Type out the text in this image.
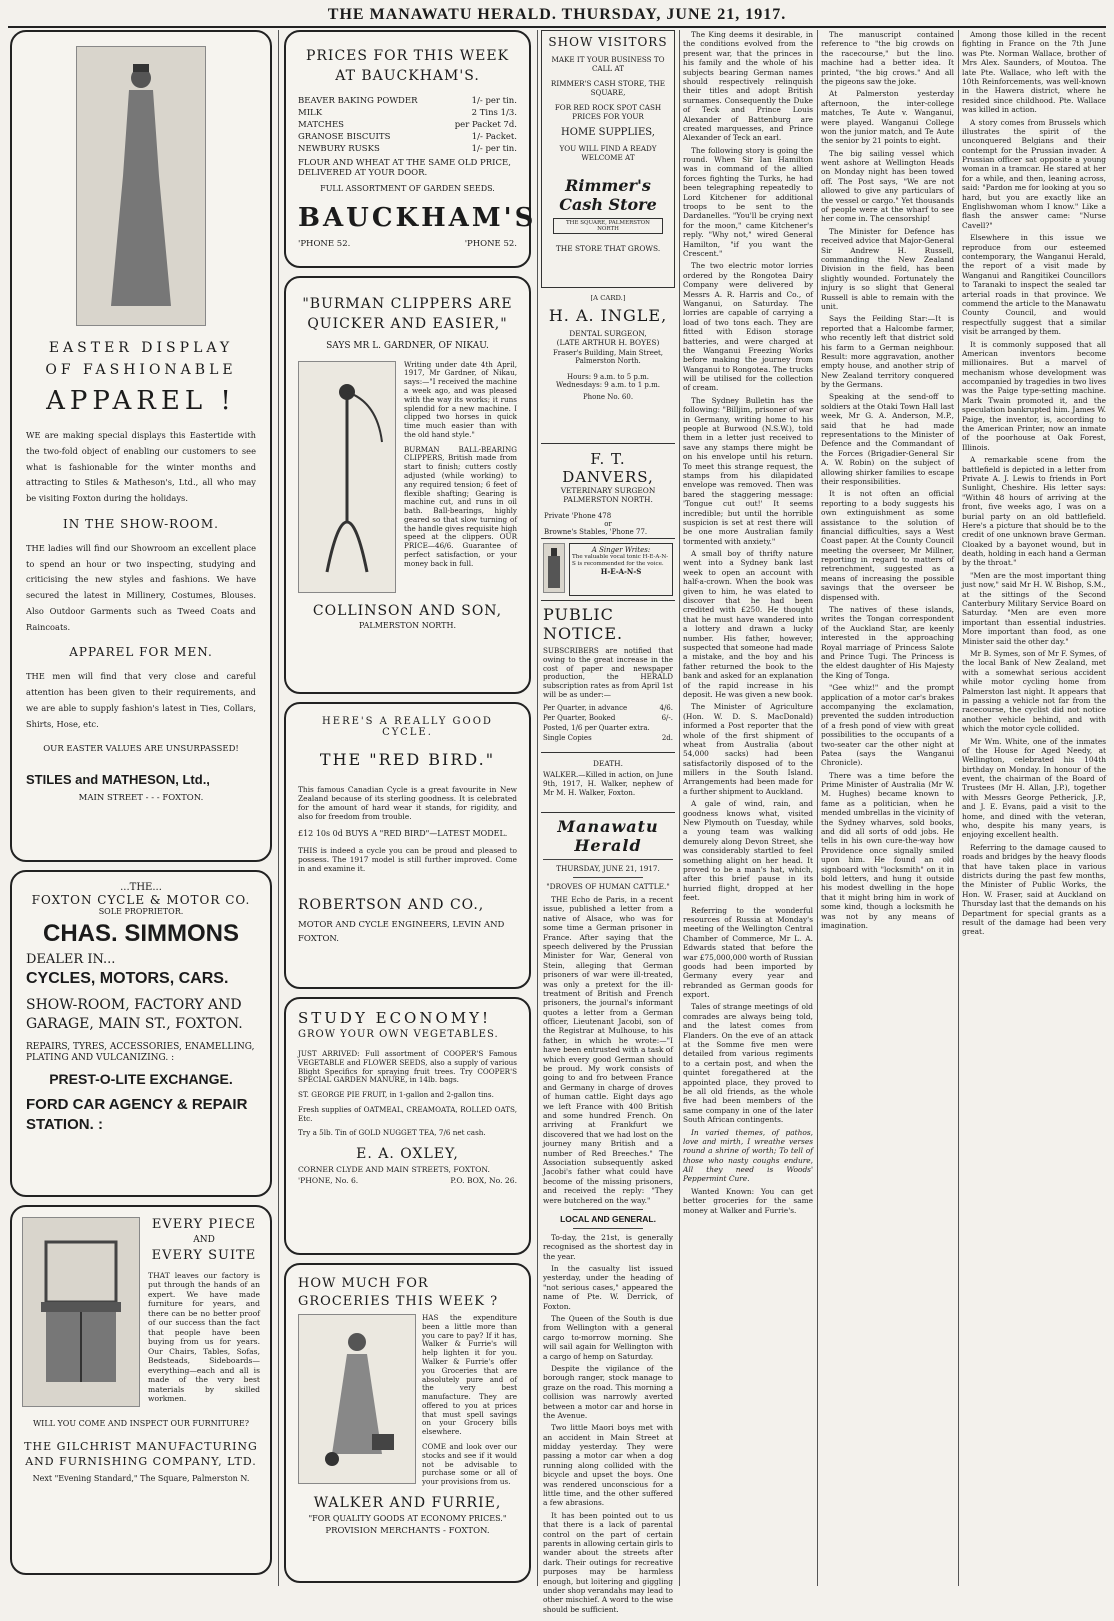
THE MANAWATU HERALD. THURSDAY, JUNE 21, 1917.
EASTER DISPLAY
OF FASHIONABLE
APPAREL !
WE are making special displays this Eastertide with the two-fold object of enabling our customers to see what is fashionable for the winter months and attracting to Stiles & Matheson's, Ltd., all who may be visiting Foxton during the holidays.
IN THE SHOW-ROOM.
THE ladies will find our Showroom an excellent place to spend an hour or two inspecting, studying and criticising the new styles and fashions. We have secured the latest in Millinery, Costumes, Blouses. Also Outdoor Garments such as Tweed Coats and Raincoats.
APPAREL FOR MEN.
THE men will find that very close and careful attention has been given to their requirements, and we are able to supply fashion's latest in Ties, Collars, Shirts, Hose, etc.
OUR EASTER VALUES ARE UNSURPASSED!
STILES and MATHESON, Ltd.,
MAIN STREET - - - FOXTON.
...THE...
FOXTON CYCLE & MOTOR CO.
SOLE PROPRIETOR.
CHAS. SIMMONS
DEALER IN...
CYCLES, MOTORS, CARS.
SHOW-ROOM, FACTORY AND GARAGE, MAIN ST., FOXTON.
REPAIRS, TYRES, ACCESSORIES, ENAMELLING, PLATING AND VULCANIZING. :
PREST-O-LITE EXCHANGE.
FORD CAR AGENCY & REPAIR STATION. :
EVERY PIECE
AND
EVERY SUITE
THAT leaves our factory is put through the hands of an expert. We have made furniture for years, and there can be no better proof of our success than the fact that people have been buying from us for years. Our Chairs, Tables, Sofas, Bedsteads, Sideboards—everything—each and all is made of the very best materials by skilled workmen.
WILL YOU COME AND INSPECT OUR FURNITURE?
THE GILCHRIST MANUFACTURING AND FURNISHING COMPANY, LTD.
Next "Evening Standard," The Square, Palmerston N.
PRICES FOR THIS WEEK AT BAUCKHAM'S.
BEAVER BAKING POWDER	1/- per tin.
MILK	2 Tins 1/3.
MATCHES	per Packet 7d.
GRANOSE BISCUITS	1/- Packet.
NEWBURY RUSKS	1/- per tin.
FLOUR AND WHEAT AT THE SAME OLD PRICE, DELIVERED AT YOUR DOOR.
FULL ASSORTMENT OF GARDEN SEEDS.
BAUCKHAM'S
'PHONE 52.	'PHONE 52.
"BURMAN CLIPPERS ARE QUICKER AND EASIER,"
SAYS MR L. GARDNER, OF NIKAU.
Writing under date 4th April, 1917, Mr Gardner, of Nikau, says:—"I received the machine a week ago, and was pleased with the way its works; it runs splendid for a new machine. I clipped two horses in quick time much easier than with the old hand style."
BURMAN BALL-BEARING CLIPPERS, British made from start to finish; cutters costly adjusted (while working) to any required tension; 6 feet of flexible shafting; Gearing is machine cut, and runs in oil bath. Ball-bearings, highly geared so that slow turning of the handle gives requisite high speed at the clippers. OUR PRICE—46/6. Guarantee of perfect satisfaction, or your money back in full.
COLLINSON AND SON,
PALMERSTON NORTH.
HERE'S A REALLY GOOD CYCLE.
THE "RED BIRD."
This famous Canadian Cycle is a great favourite in New Zealand because of its sterling goodness. It is celebrated for the amount of hard wear it stands, for rigidity, and also for freedom from trouble.
£12 10s 0d BUYS A "RED BIRD"—LATEST MODEL.
THIS is indeed a cycle you can be proud and pleased to possess. The 1917 model is still further improved. Come in and examine it.
ROBERTSON AND CO.,
MOTOR AND CYCLE ENGINEERS, LEVIN AND FOXTON.
STUDY ECONOMY!
GROW YOUR OWN VEGETABLES.
JUST ARRIVED: Full assortment of COOPER'S Famous VEGETABLE and FLOWER SEEDS, also a supply of various Blight Specifics for spraying fruit trees. Try COOPER'S SPECIAL GARDEN MANURE, in 14lb. bags.
ST. GEORGE PIE FRUIT, in 1-gallon and 2-gallon tins.
Fresh supplies of OATMEAL, CREAMOATA, ROLLED OATS, Etc.
Try a 5lb. Tin of GOLD NUGGET TEA, 7/6 net cash.
E. A. OXLEY,
CORNER CLYDE AND MAIN STREETS, FOXTON.
'PHONE, No. 6.	P.O. BOX, No. 26.
HOW MUCH FOR GROCERIES THIS WEEK ?
HAS the expenditure been a little more than you care to pay? If it has, Walker & Furrie's will help lighten it for you. Walker & Furrie's offer you Groceries that are absolutely pure and of the very best manufacture. They are offered to you at prices that must spell savings on your Grocery bills elsewhere.
COME and look over our stocks and see if it would not be advisable to purchase some or all of your provisions from us.
WALKER AND FURRIE,
"FOR QUALITY GOODS AT ECONOMY PRICES."
PROVISION MERCHANTS - FOXTON.
SHOW VISITORS
MAKE IT YOUR BUSINESS TO CALL AT
RIMMER'S CASH STORE, THE SQUARE,
FOR RED ROCK SPOT CASH PRICES FOR YOUR
HOME SUPPLIES,
YOU WILL FIND A READY WELCOME AT
Rimmer's Cash Store
THE SQUARE, PALMERSTON NORTH
THE STORE THAT GROWS.
[A CARD.]
H. A. INGLE,
DENTAL SURGEON,
(LATE ARTHUR H. BOYES)
Fraser's Building, Main Street, Palmerston North.
Hours: 9 a.m. to 5 p.m. Wednesdays: 9 a.m. to 1 p.m.
Phone No. 60.
F. T. DANVERS,
VETERINARY SURGEON
PALMERSTON NORTH.
Private 'Phone 478
or
Browne's Stables, 'Phone 77.
A Singer Writes:
The valuable vocal tonic H-E-A-N-S is recommended for the voice.
H-E-A-N-S
PUBLIC NOTICE.
SUBSCRIBERS are notified that owing to the great increase in the cost of paper and newspaper production, the HERALD subscription rates as from April 1st will be as under:—
Per Quarter, in advance	4/6.
Per Quarter, Booked	6/-.
Posted, 1/6 per Quarter extra.	
Single Copies	2d.
DEATH.
WALKER.—Killed in action, on June 9th, 1917, H. Walker, nephew of Mr M. H. Walker, Foxton.
Manawatu Herald
THURSDAY, JUNE 21, 1917.
"DROVES OF HUMAN CATTLE."
THE Echo de Paris, in a recent issue, published a letter from a native of Alsace, who was for some time a German prisoner in France. After saying that the speech delivered by the Prussian Minister for War, General von Stein, alleging that German prisoners of war were ill-treated, was only a pretext for the ill-treatment of British and French prisoners, the journal's informant quotes a letter from a German officer, Lieutenant Jacobi, son of the Registrar at Mulhouse, to his father, in which he wrote:—"I have been entrusted with a task of which every good German should be proud. My work consists of going to and fro between France and Germany in charge of droves of human cattle. Eight days ago we left France with 400 British and some hundred French. On arriving at Frankfurt we discovered that we had lost on the journey many British and a number of Red Breeches." The Association subsequently asked Jacobi's father what could have become of the missing prisoners, and received the reply: "They were butchered on the way."
LOCAL AND GENERAL.
To-day, the 21st, is generally recognised as the shortest day in the year.
In the casualty list issued yesterday, under the heading of "not serious cases," appeared the name of Pte. W. Derrick, of Foxton.
The Queen of the South is due from Wellington with a general cargo to-morrow morning. She will sail again for Wellington with a cargo of hemp on Saturday.
Despite the vigilance of the borough ranger, stock manage to graze on the road. This morning a collision was narrowly averted between a motor car and horse in the Avenue.
Two little Maori boys met with an accident in Main Street at midday yesterday. They were passing a motor car when a dog running along collided with the bicycle and upset the boys. One was rendered unconscious for a little time, and the other suffered a few abrasions.
It has been pointed out to us that there is a lack of parental control on the part of certain parents in allowing certain girls to wander about the streets after dark. Their outings for recreative purposes may be harmless enough, but loitering and giggling under shop verandahs may lead to other mischief. A word to the wise should be sufficient.
The King deems it desirable, in the conditions evolved from the present war, that the princes in his family and the whole of his subjects bearing German names should respectively relinquish their titles and adopt British surnames. Consequently the Duke of Teck and Prince Louis Alexander of Battenburg are created marquesses, and Prince Alexander of Teck an earl.
The following story is going the round. When Sir Ian Hamilton was in command of the allied forces fighting the Turks, he had been telegraphing repeatedly to Lord Kitchener for additional troops to be sent to the Dardanelles. "You'll be crying next for the moon," came Kitchener's reply. "Why not," wired General Hamilton, "if you want the Crescent."
The two electric motor lorries ordered by the Rongotea Dairy Company were delivered by Messrs A. R. Harris and Co., of Wanganui, on Saturday. The lorries are capable of carrying a load of two tons each. They are fitted with Edison storage batteries, and were charged at the Wanganui Freezing Works before making the journey from Wanganui to Rongotea. The trucks will be utilised for the collection of cream.
The Sydney Bulletin has the following: "Billjim, prisoner of war in Germany, writing home to his people at Burwood (N.S.W.), told them in a letter just received to save any stamps there might be on his envelope until his return. To meet this strange request, the stamps from his dilapidated envelope was removed. Then was bared the staggering message: 'Tongue cut out!' It seems incredible; but until the horrible suspicion is set at rest there will be one more Australian family tormented with anxiety."
A small boy of thrifty nature went into a Sydney bank last week to open an account with half-a-crown. When the book was given to him, he was elated to discover that he had been credited with £250. He thought that he must have wandered into a lottery and drawn a lucky number. His father, however, suspected that someone had made a mistake, and the boy and his father returned the book to the bank and asked for an explanation of the rapid increase in his deposit. He was given a new book.
The Minister of Agriculture (Hon. W. D. S. MacDonald) informed a Post reporter that the whole of the first shipment of wheat from Australia (about 54,000 sacks) had been satisfactorily disposed of to the millers in the South Island. Arrangements had been made for a further shipment to Auckland.
A gale of wind, rain, and goodness knows what, visited New Plymouth on Tuesday, while a young team was walking demurely along Devon Street, she was considerably startled to feel something alight on her head. It proved to be a man's hat, which, after this brief pause in its hurried flight, dropped at her feet.
Referring to the wonderful resources of Russia at Monday's meeting of the Wellington Central Chamber of Commerce, Mr L. A. Edwards stated that before the war £75,000,000 worth of Russian goods had been imported by Germany every year and rebranded as German goods for export.
Tales of strange meetings of old comrades are always being told, and the latest comes from Flanders. On the eve of an attack at the Somme five men were detailed from various regiments to a certain post, and when the quintet foregathered at the appointed place, they proved to be all old friends, as the whole five had been members of the same company in one of the later South African contingents.
In varied themes, of pathos, love and mirth, I wreathe verses round a shrine of worth; To tell of those who nasty coughs endure, All they need is Woods' Peppermint Cure.
Wanted Known: You can get better groceries for the same money at Walker and Furrie's.
The manuscript contained reference to "the big crowds on the racecourse," but the lino. machine had a better idea. It printed, "the big crows." And all the pigeons saw the joke.
At Palmerston yesterday afternoon, the inter-college matches, Te Aute v. Wanganui, were played. Wanganui College won the junior match, and Te Aute the senior by 21 points to eight.
The big sailing vessel which went ashore at Wellington Heads on Monday night has been towed off. The Post says, "We are not allowed to give any particulars of the vessel or cargo." Yet thousands of people were at the wharf to see her come in. The censorship!
The Minister for Defence has received advice that Major-General Sir Andrew H. Russell, commanding the New Zealand Division in the field, has been slightly wounded. Fortunately the injury is so slight that General Russell is able to remain with the unit.
Says the Feilding Star:—It is reported that a Halcombe farmer, who recently left that district sold his farm to a German neighbour. Result: more aggravation, another empty house, and another strip of New Zealand territory conquered by the Germans.
Speaking at the send-off to soldiers at the Otaki Town Hall last week, Mr G. A. Anderson, M.P., said that he had made representations to the Minister of Defence and the Commandant of the Forces (Brigadier-General Sir A. W. Robin) on the subject of allowing shirker families to escape their responsibilities.
It is not often an official reporting to a body suggests his own extinguishment as some assistance to the solution of financial difficulties, says a West Coast paper. At the County Council meeting the overseer, Mr Millner, reporting in regard to matters of retrenchment, suggested as a means of increasing the possible savings that the overseer be dispensed with.
The natives of these islands, writes the Tongan correspondent of the Auckland Star, are keenly interested in the approaching Royal marriage of Princess Salote and Prince Tugi. The Princess is the eldest daughter of His Majesty the King of Tonga.
"Gee whiz!" and the prompt application of a motor car's brakes accompanying the exclamation, prevented the sudden introduction of a fresh pond of view with great possibilities to the occupants of a two-seater car the other night at Patea (says the Wanganui Chronicle).
There was a time before the Prime Minister of Australia (Mr W. M. Hughes) became known to fame as a politician, when he mended umbrellas in the vicinity of the Sydney wharves, sold books, and did all sorts of odd jobs. He tells in his own cure-the-way how Providence once signally smiled upon him. He found an old signboard with "locksmith" on it in bold letters, and hung it outside his modest dwelling in the hope that it might bring him in work of some kind, though a locksmith he was not by any means of imagination.
Among those killed in the recent fighting in France on the 7th June was Pte. Norman Wallace, brother of Mrs Alex. Saunders, of Moutoa. The late Pte. Wallace, who left with the 10th Reinforcements, was well-known in the Hawera district, where he resided since childhood. Pte. Wallace was killed in action.
A story comes from Brussels which illustrates the spirit of the unconquered Belgians and their contempt for the Prussian invader. A Prussian officer sat opposite a young woman in a tramcar. He stared at her for a while, and then, leaning across, said: "Pardon me for looking at you so hard, but you are exactly like an Englishwoman whom I know." Like a flash the answer came: "Nurse Cavell?"
Elsewhere in this issue we reproduce from our esteemed contemporary, the Wanganui Herald, the report of a visit made by Wanganui and Rangitikei Councillors to Taranaki to inspect the sealed tar arterial roads in that province. We commend the article to the Manawatu County Council, and would respectfully suggest that a similar visit be arranged by them.
It is commonly supposed that all American inventors become millionaires. But a marvel of mechanism whose development was accompanied by tragedies in two lives was the Paige type-setting machine. Mark Twain promoted it, and the speculation bankrupted him. James W. Paige, the inventor, is, according to the American Printer, now an inmate of the poorhouse at Oak Forest, Illinois.
A remarkable scene from the battlefield is depicted in a letter from Private A. J. Lewis to friends in Port Sunlight, Cheshire. His letter says: "Within 48 hours of arriving at the front, five weeks ago, I was on a burial party on an old battlefield. Here's a picture that should be to the credit of one unknown brave German. Cloaked by a bayonet wound, but in death, holding in each hand a German by the throat."
"Men are the most important thing just now," said Mr H. W. Bishop, S.M., at the sittings of the Second Canterbury Military Service Board on Saturday. "Men are even more important than essential industries. More important than food, as one Minister said the other day."
Mr B. Symes, son of Mr F. Symes, of the local Bank of New Zealand, met with a somewhat serious accident while motor cycling home from Palmerston last night. It appears that in passing a vehicle not far from the racecourse, the cyclist did not notice another vehicle behind, and with which the motor cycle collided.
Mr Wm. White, one of the inmates of the House for Aged Needy, at Wellington, celebrated his 104th birthday on Monday. In honour of the event, the chairman of the Board of Trustees (Mr H. Allan, J.P.), together with Messrs George Petherick, J.P., and J. E. Evans, paid a visit to the home, and dined with the veteran, who, despite his many years, is enjoying excellent health.
Referring to the damage caused to roads and bridges by the heavy floods that have taken place in various districts during the past few months, the Minister of Public Works, the Hon. W. Fraser, said at Auckland on Thursday last that the demands on his Department for special grants as a result of the damage had been very great.
